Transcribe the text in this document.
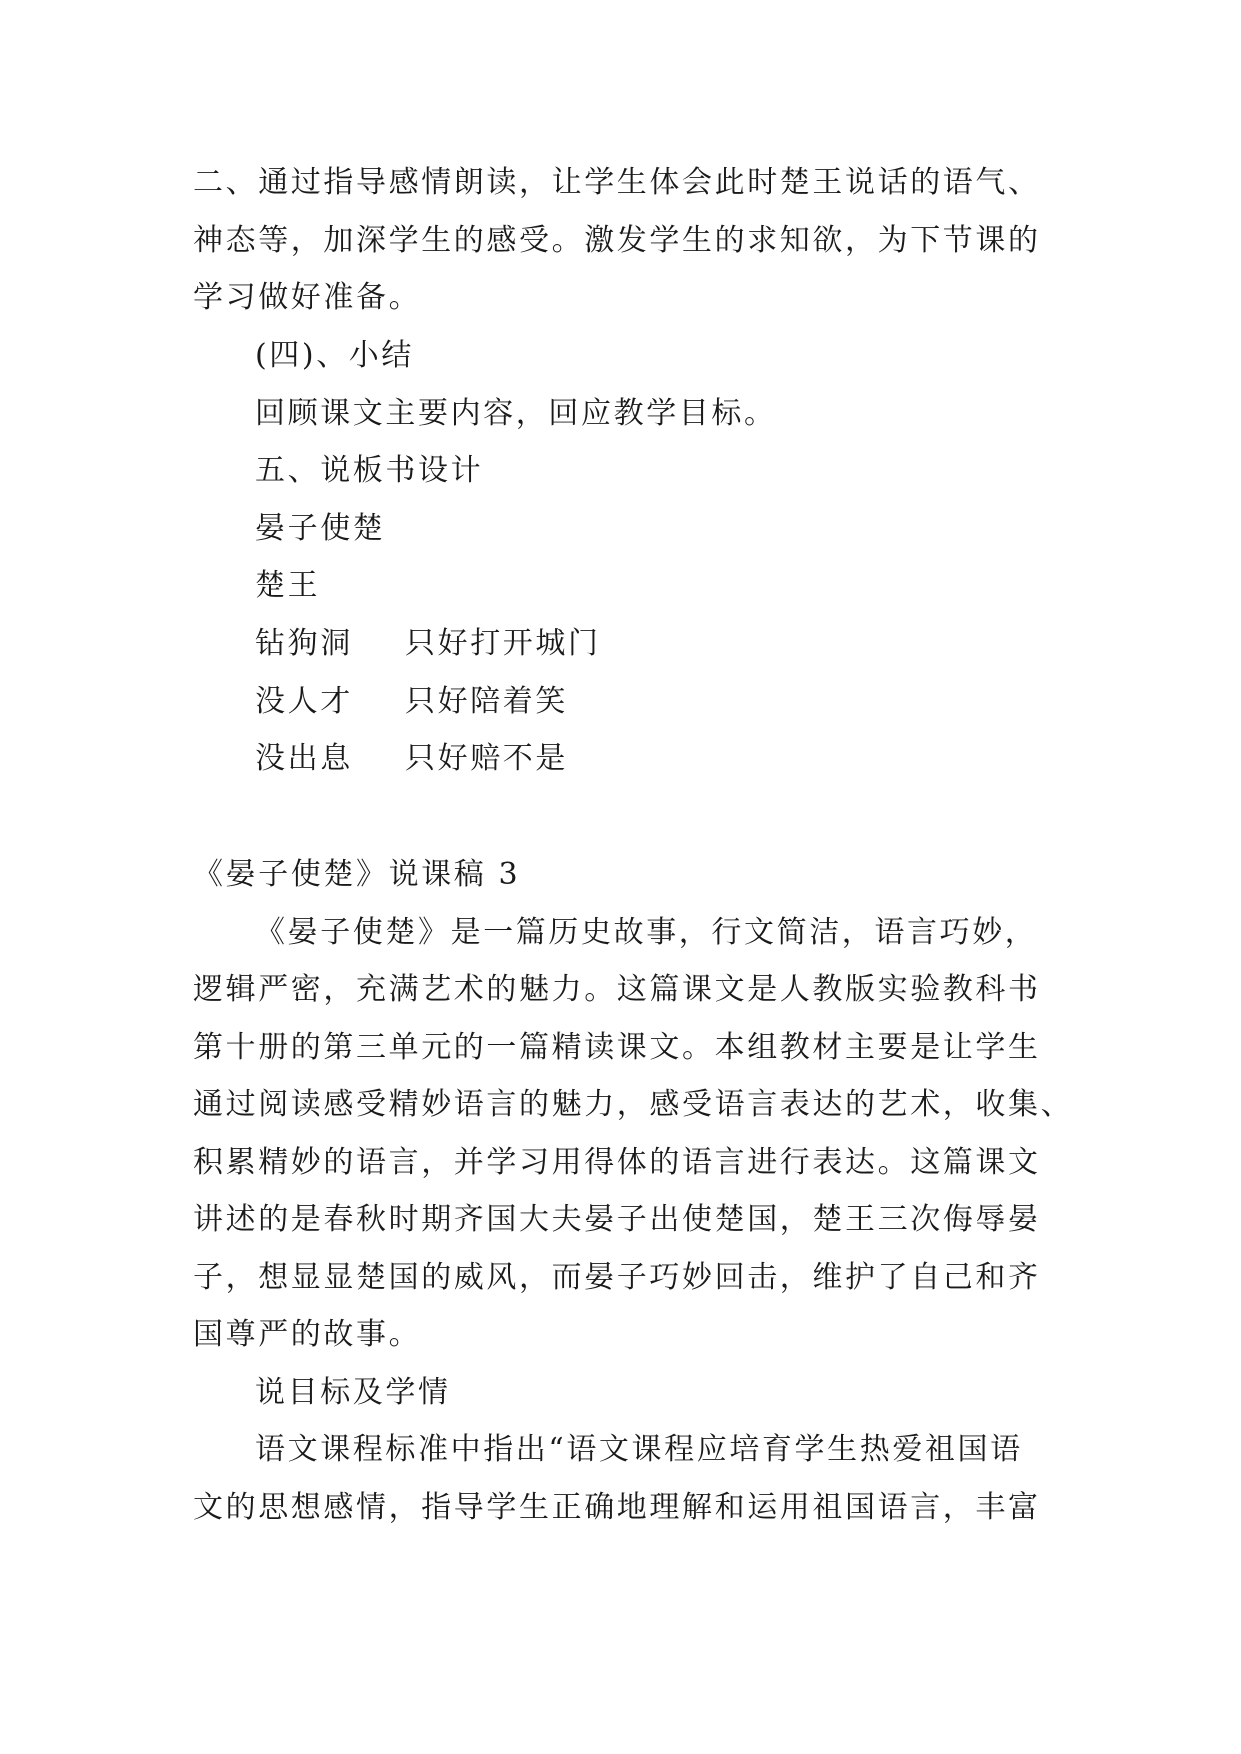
二、通过指导感情朗读，让学生体会此时楚王说话的语气、
神态等，加深学生的感受。激发学生的求知欲，为下节课的
学习做好准备。
(四)、小结
回顾课文主要内容，回应教学目标。
五、说板书设计
晏子使楚
楚王
钻狗洞 只好打开城门
没人才 只好陪着笑
没出息 只好赔不是
《晏子使楚》说课稿 3
《晏子使楚》是一篇历史故事，行文简洁，语言巧妙，
逻辑严密，充满艺术的魅力。这篇课文是人教版实验教科书
第十册的第三单元的一篇精读课文。本组教材主要是让学生
通过阅读感受精妙语言的魅力，感受语言表达的艺术，收集、
积累精妙的语言，并学习用得体的语言进行表达。这篇课文
讲述的是春秋时期齐国大夫晏子出使楚国，楚王三次侮辱晏
子，想显显楚国的威风，而晏子巧妙回击，维护了自己和齐
国尊严的故事。
说目标及学情
语文课程标准中指出“语文课程应培育学生热爱祖国语
文的思想感情，指导学生正确地理解和运用祖国语言，丰富
